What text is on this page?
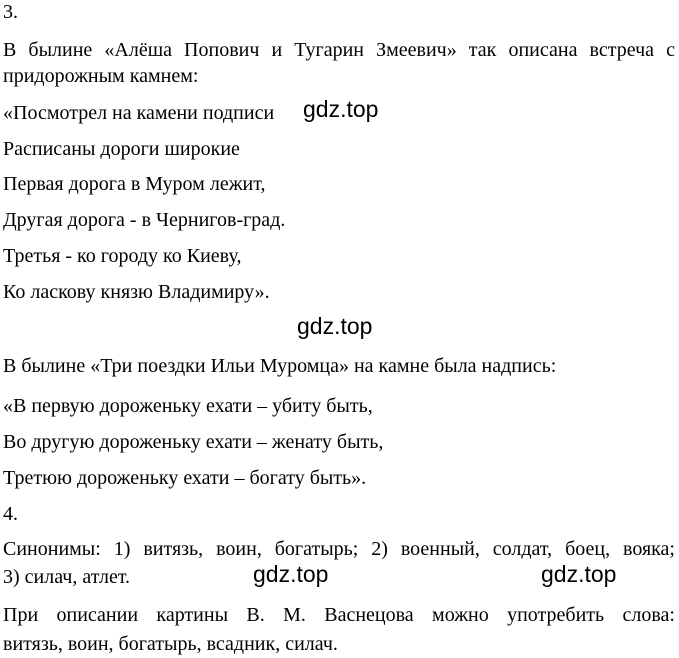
3.
В былине «Алёша Попович и Тугарин Змеевич» так описана встреча с
придорожным камнем:
«Посмотрел на камени подписи
Расписаны дороги широкие
Первая дорога в Муром лежит,
Другая дорога - в Чернигов-град.
Третья - ко городу ко Киеву,
Ко ласкову князю Владимиру».
В былине «Три поездки Ильи Муромца» на камне была надпись:
«В первую дороженьку ехати – убиту быть,
Во другую дороженьку ехати – женату быть,
Третюю дороженьку ехати – богату быть».
4.
Синонимы: 1) витязь, воин, богатырь; 2) военный, солдат, боец, вояка;
3) силач, атлет.
При описании картины В. М. Васнецова можно употребить слова:
витязь, воин, богатырь, всадник, силач.
gdz.top
gdz.top
gdz.top	gdz.top
